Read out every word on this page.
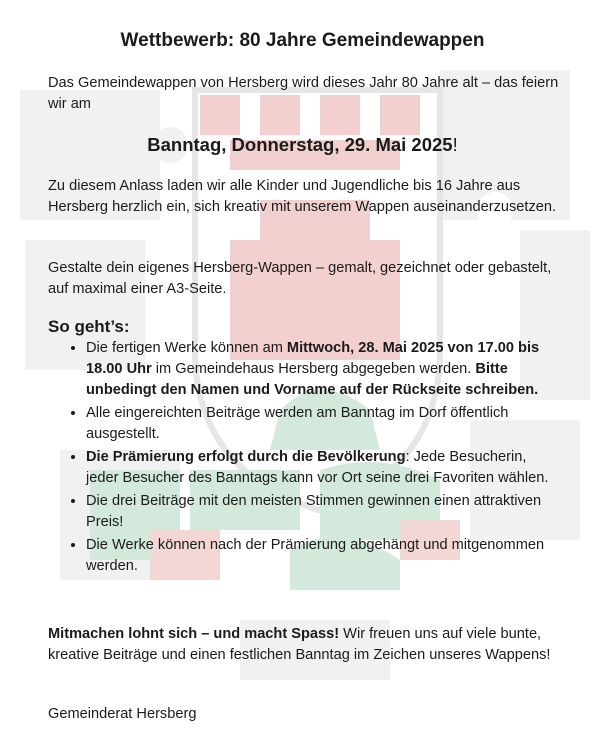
Wettbewerb: 80 Jahre Gemeindewappen

Das Gemeindewappen von Hersberg wird dieses Jahr 80 Jahre alt – das feiern wir am

Banntag, Donnerstag, 29. Mai 2025!

Zu diesem Anlass laden wir alle Kinder und Jugendliche bis 16 Jahre aus Hersberg herzlich ein, sich kreativ mit unserem Wappen auseinanderzusetzen.

Gestalte dein eigenes Hersberg-Wappen – gemalt, gezeichnet oder gebastelt, auf maximal einer A3-Seite.

So geht’s:
• Die fertigen Werke können am Mittwoch, 28. Mai 2025 von 17.00 bis 18.00 Uhr im Gemeindehaus Hersberg abgegeben werden. Bitte unbedingt den Namen und Vorname auf der Rückseite schreiben.
• Alle eingereichten Beiträge werden am Banntag im Dorf öffentlich ausgestellt.
• Die Prämierung erfolgt durch die Bevölkerung: Jede Besucherin, jeder Besucher des Banntags kann vor Ort seine drei Favoriten wählen.
• Die drei Beiträge mit den meisten Stimmen gewinnen einen attraktiven Preis!
• Die Werke können nach der Prämierung abgehängt und mitgenommen werden.

Mitmachen lohnt sich – und macht Spass! Wir freuen uns auf viele bunte, kreative Beiträge und einen festlichen Banntag im Zeichen unseres Wappens!

Gemeinderat Hersberg
